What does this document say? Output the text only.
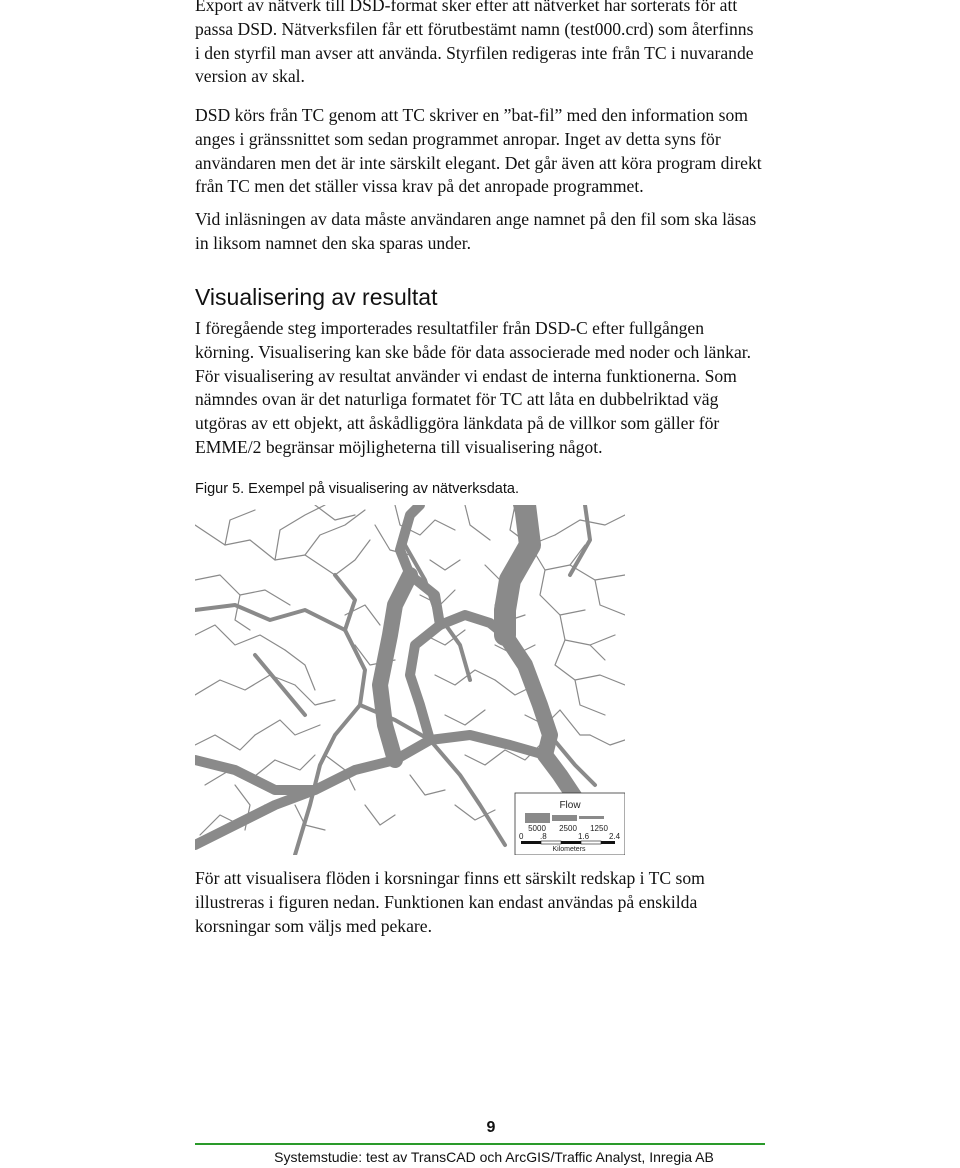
Export av nätverk till DSD-format sker efter att nätverket har sorterats för att
passa DSD. Nätverksfilen får ett förutbestämt namn (test000.crd) som återfinns
i den styrfil man avser att använda. Styrfilen redigeras inte från TC i nuvarande
version av skal.
DSD körs från TC genom att TC skriver en ”bat-fil” med den information som
anges i gränssnittet som sedan programmet anropar. Inget av detta syns för
användaren men det är inte särskilt elegant. Det går även att köra program direkt
från TC men det ställer vissa krav på det anropade programmet.
Vid inläsningen av data måste användaren ange namnet på den fil som ska läsas
in liksom namnet den ska sparas under.
Visualisering av resultat
I föregående steg importerades resultatfiler från DSD-C efter fullgången
körning. Visualisering kan ske både för data associerade med noder och länkar.
För visualisering av resultat använder vi endast de interna funktionerna. Som
nämndes ovan är det naturliga formatet för TC att låta en dubbelriktad väg
utgöras av ett objekt, att åskådliggöra länkdata på de villkor som gäller för
EMME/2 begränsar möjligheterna till visualisering något.
Figur 5. Exempel på visualisering av nätverksdata.
Flow
5000 2500 1250
0 .8	1.6 2.4
Kilometers
För att visualisera flöden i korsningar finns ett särskilt redskap i TC som
illustreras i figuren nedan. Funktionen kan endast användas på enskilda
korsningar som väljs med pekare.
9
Systemstudie: test av TransCAD och ArcGIS/Traffic Analyst, Inregia AB
